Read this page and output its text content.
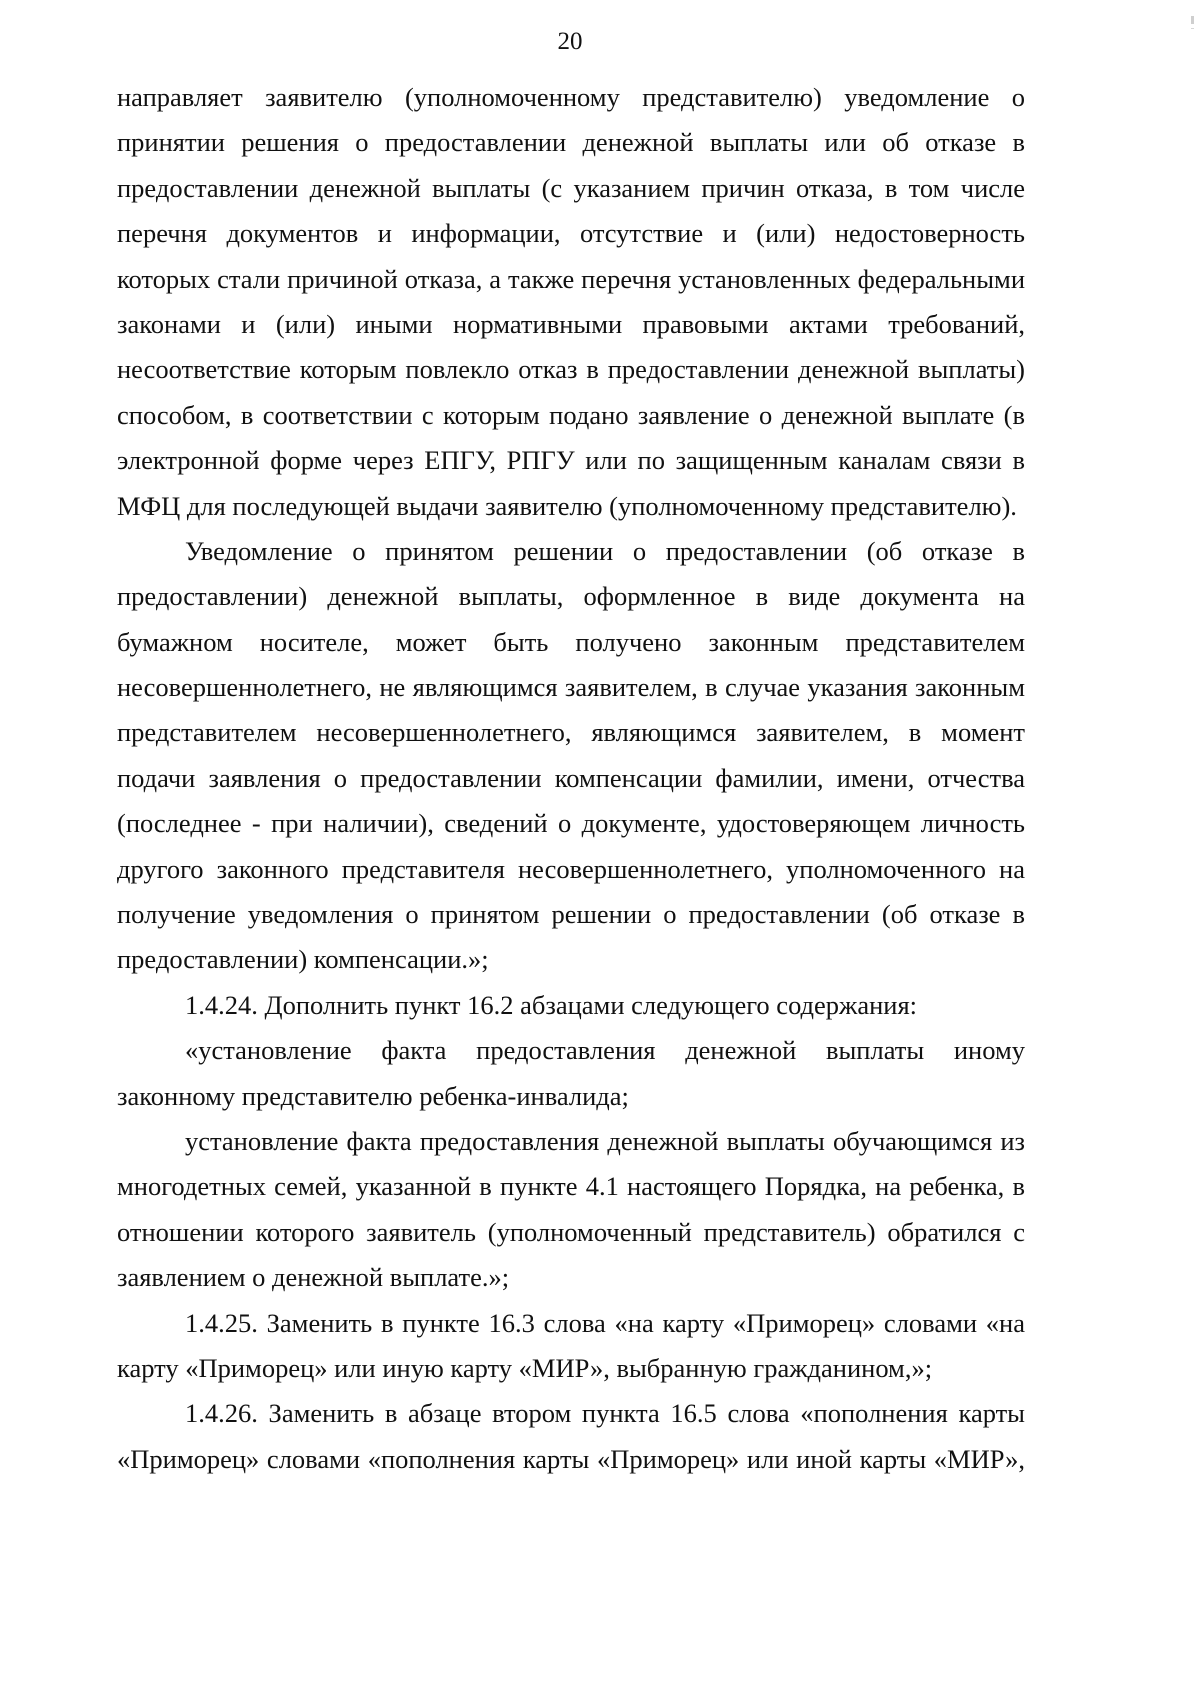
20
направляет заявителю (уполномоченному представителю) уведомление о
принятии решения о предоставлении денежной выплаты или об отказе в
предоставлении денежной выплаты (с указанием причин отказа, в том числе
перечня документов и информации, отсутствие и (или) недостоверность
которых стали причиной отказа, а также перечня установленных федеральными
законами и (или) иными нормативными правовыми актами требований,
несоответствие которым повлекло отказ в предоставлении денежной выплаты)
способом, в соответствии с которым подано заявление о денежной выплате (в
электронной форме через ЕПГУ, РПГУ или по защищенным каналам связи в
МФЦ для последующей выдачи заявителю (уполномоченному представителю).
Уведомление о принятом решении о предоставлении (об отказе в
предоставлении) денежной выплаты, оформленное в виде документа на
бумажном носителе, может быть получено законным представителем
несовершеннолетнего, не являющимся заявителем, в случае указания законным
представителем несовершеннолетнего, являющимся заявителем, в момент
подачи заявления о предоставлении компенсации фамилии, имени, отчества
(последнее - при наличии), сведений о документе, удостоверяющем личность
другого законного представителя несовершеннолетнего, уполномоченного на
получение уведомления о принятом решении о предоставлении (об отказе в
предоставлении) компенсации.»;
1.4.24. Дополнить пункт 16.2 абзацами следующего содержания:
«установление факта предоставления денежной выплаты иному
законному представителю ребенка-инвалида;
установление факта предоставления денежной выплаты обучающимся из
многодетных семей, указанной в пункте 4.1 настоящего Порядка, на ребенка, в
отношении которого заявитель (уполномоченный представитель) обратился с
заявлением о денежной выплате.»;
1.4.25. Заменить в пункте 16.3 слова «на карту «Приморец» словами «на
карту «Приморец» или иную карту «МИР», выбранную гражданином,»;
1.4.26. Заменить в абзаце втором пункта 16.5 слова «пополнения карты
«Приморец» словами «пополнения карты «Приморец» или иной карты «МИР»,
